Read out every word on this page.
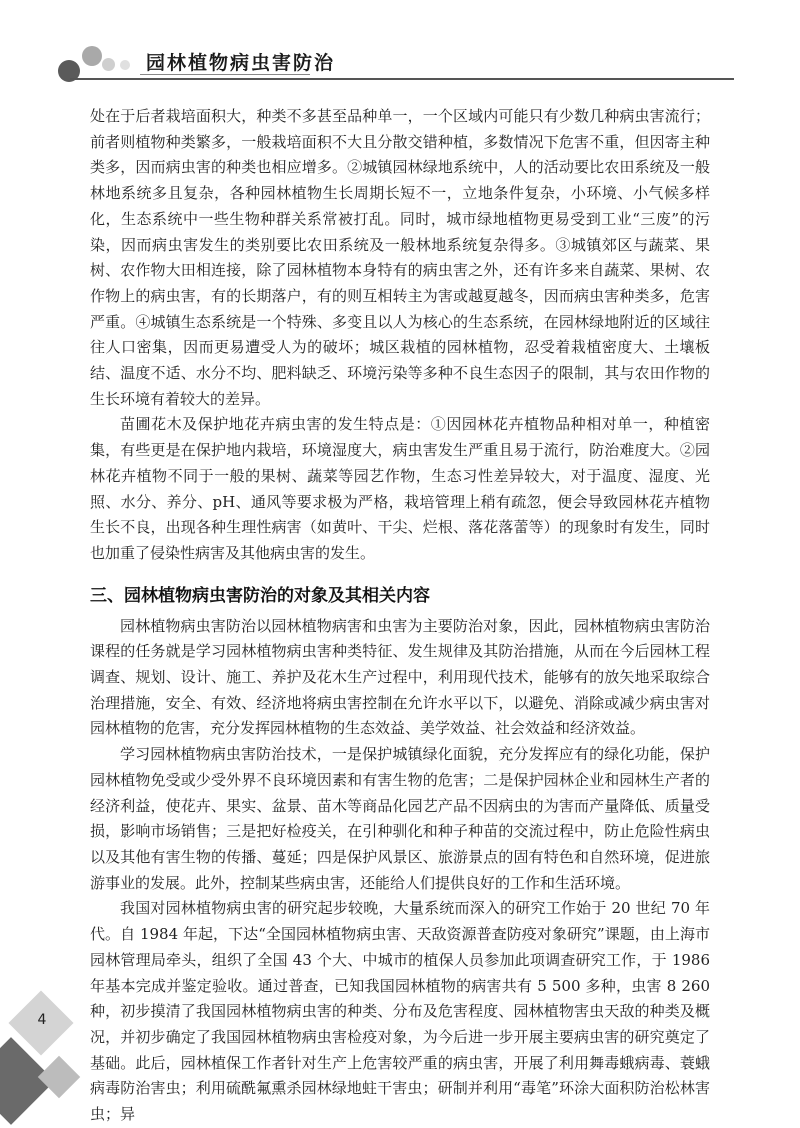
园林植物病虫害防治

处在于后者栽培面积大，种类不多甚至品种单一，一个区域内可能只有少数几种病虫害流行；前者则植物种类繁多，一般栽培面积不大且分散交错种植，多数情况下危害不重，但因寄主种类多，因而病虫害的种类也相应增多。②城镇园林绿地系统中，人的活动要比农田系统及一般林地系统多且复杂，各种园林植物生长周期长短不一，立地条件复杂，小环境、小气候多样化，生态系统中一些生物种群关系常被打乱。同时，城市绿地植物更易受到工业“三废”的污染，因而病虫害发生的类别要比农田系统及一般林地系统复杂得多。③城镇郊区与蔬菜、果树、农作物大田相连接，除了园林植物本身特有的病虫害之外，还有许多来自蔬菜、果树、农作物上的病虫害，有的长期落户，有的则互相转主为害或越夏越冬，因而病虫害种类多，危害严重。④城镇生态系统是一个特殊、多变且以人为核心的生态系统，在园林绿地附近的区域往往人口密集，因而更易遭受人为的破坏；城区栽植的园林植物，忍受着栽植密度大、土壤板结、温度不适、水分不均、肥料缺乏、环境污染等多种不良生态因子的限制，其与农田作物的生长环境有着较大的差异。

苗圃花木及保护地花卉病虫害的发生特点是：①因园林花卉植物品种相对单一，种植密集，有些更是在保护地内栽培，环境湿度大，病虫害发生严重且易于流行，防治难度大。②园林花卉植物不同于一般的果树、蔬菜等园艺作物，生态习性差异较大，对于温度、湿度、光照、水分、养分、pH、通风等要求极为严格，栽培管理上稍有疏忽，便会导致园林花卉植物生长不良，出现各种生理性病害（如黄叶、干尖、烂根、落花落蕾等）的现象时有发生，同时也加重了侵染性病害及其他病虫害的发生。

三、园林植物病虫害防治的对象及其相关内容

园林植物病虫害防治以园林植物病害和虫害为主要防治对象，因此，园林植物病虫害防治课程的任务就是学习园林植物病虫害种类特征、发生规律及其防治措施，从而在今后园林工程调查、规划、设计、施工、养护及花木生产过程中，利用现代技术，能够有的放矢地采取综合治理措施，安全、有效、经济地将病虫害控制在允许水平以下，以避免、消除或减少病虫害对园林植物的危害，充分发挥园林植物的生态效益、美学效益、社会效益和经济效益。

学习园林植物病虫害防治技术，一是保护城镇绿化面貌，充分发挥应有的绿化功能，保护园林植物免受或少受外界不良环境因素和有害生物的危害；二是保护园林企业和园林生产者的经济利益，使花卉、果实、盆景、苗木等商品化园艺产品不因病虫的为害而产量降低、质量受损，影响市场销售；三是把好检疫关，在引种驯化和种子种苗的交流过程中，防止危险性病虫以及其他有害生物的传播、蔓延；四是保护风景区、旅游景点的固有特色和自然环境，促进旅游事业的发展。此外，控制某些病虫害，还能给人们提供良好的工作和生活环境。

我国对园林植物病虫害的研究起步较晚，大量系统而深入的研究工作始于 20 世纪 70 年代。自 1984 年起，下达“全国园林植物病虫害、天敌资源普查防疫对象研究”课题，由上海市园林管理局牵头，组织了全国 43 个大、中城市的植保人员参加此项调查研究工作，于 1986 年基本完成并鉴定验收。通过普查，已知我国园林植物的病害共有 5 500 多种，虫害 8 260 种，初步摸清了我国园林植物病虫害的种类、分布及危害程度、园林植物害虫天敌的种类及概况，并初步确定了我国园林植物病虫害检疫对象，为今后进一步开展主要病虫害的研究奠定了基础。此后，园林植保工作者针对生产上危害较严重的病虫害，开展了利用舞毒蛾病毒、蓑蛾病毒防治害虫；利用硫酰氟熏杀园林绿地蛀干害虫；研制并利用“毒笔”环涂大面积防治松林害虫；异

4
